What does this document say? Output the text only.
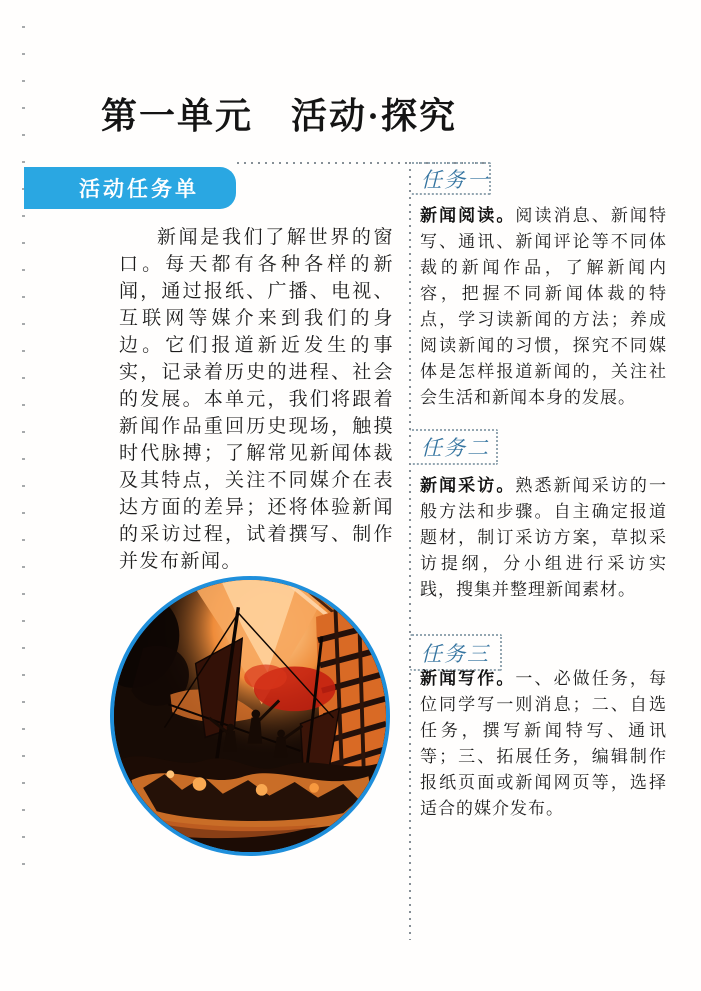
第一单元　活动·探究
活动任务单

新闻是我们了解世界的窗口。每天都有各种各样的新闻，通过报纸、广播、电视、互联网等媒介来到我们的身边。它们报道新近发生的事实，记录着历史的进程、社会的发展。本单元，我们将跟着新闻作品重回历史现场，触摸时代脉搏；了解常见新闻体裁及其特点，关注不同媒介在表达方面的差异；还将体验新闻的采访过程，试着撰写、制作并发布新闻。

任务一

新闻阅读。阅读消息、新闻特写、通讯、新闻评论等不同体裁的新闻作品，了解新闻内容，把握不同新闻体裁的特点，学习读新闻的方法；养成阅读新闻的习惯，探究不同媒体是怎样报道新闻的，关注社会生活和新闻本身的发展。

任务二

新闻采访。熟悉新闻采访的一般方法和步骤。自主确定报道题材，制订采访方案，草拟采访提纲，分小组进行采访实践，搜集并整理新闻素材。

任务三

新闻写作。一、必做任务，每位同学写一则消息；二、自选任务，撰写新闻特写、通讯等；三、拓展任务，编辑制作报纸页面或新闻网页等，选择适合的媒介发布。
